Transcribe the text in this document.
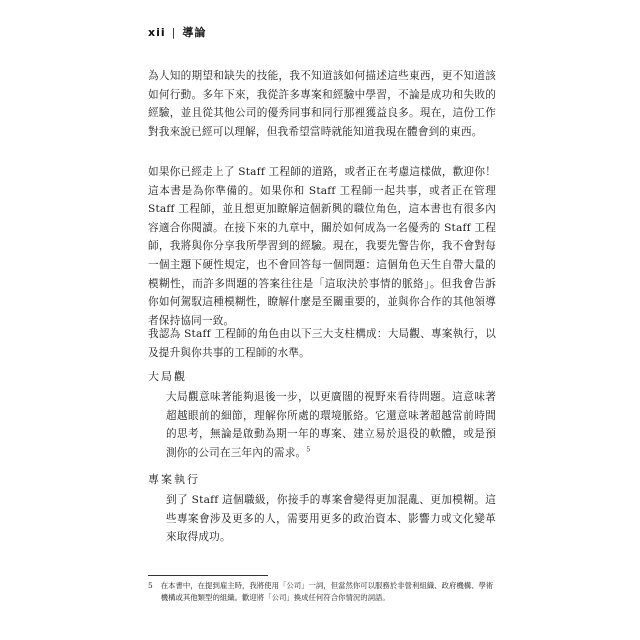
xii | 導論

為人知的期望和缺失的技能，我不知道該如何描述這些東西，更不知道該如何行動。多年下來，我從許多專案和經驗中學習，不論是成功和失敗的經驗，並且從其他公司的優秀同事和同行那裡獲益良多。現在，這份工作對我來說已經可以理解，但我希望當時就能知道我現在體會到的東西。

如果你已經走上了 Staff 工程師的道路，或者正在考慮這樣做，歡迎你！這本書是為你準備的。如果你和 Staff 工程師一起共事，或者正在管理 Staff 工程師，並且想更加瞭解這個新興的職位角色，這本書也有很多內容適合你閱讀。在接下來的九章中，關於如何成為一名優秀的 Staff 工程師，我將與你分享我所學習到的經驗。現在，我要先警告你，我不會對每一個主題下硬性規定，也不會回答每一個問題：這個角色天生自帶大量的模糊性，而許多問題的答案往往是「這取決於事情的脈絡」。但我會告訴你如何駕馭這種模糊性，瞭解什麼是至關重要的，並與你合作的其他領導者保持協同一致。

我認為 Staff 工程師的角色由以下三大支柱構成：大局觀、專案執行，以及提升與你共事的工程師的水準。

大局觀

大局觀意味著能夠退後一步，以更廣闊的視野來看待問題。這意味著超越眼前的細節，理解你所處的環境脈絡。它還意味著超越當前時間的思考，無論是啟動為期一年的專案、建立易於退役的軟體，或是預測你的公司在三年內的需求。$^5$

專案執行

到了 Staff 這個職級，你接手的專案會變得更加混亂、更加模糊。這些專案會涉及更多的人，需要用更多的政治資本、影響力或文化變革來取得成功。

5 在本書中，在提到雇主時，我將使用「公司」一詞，但當然你可以服務於非營利組織、政府機構、學術機構或其他類型的組織。歡迎將「公司」換成任何符合你情況的詞語。
